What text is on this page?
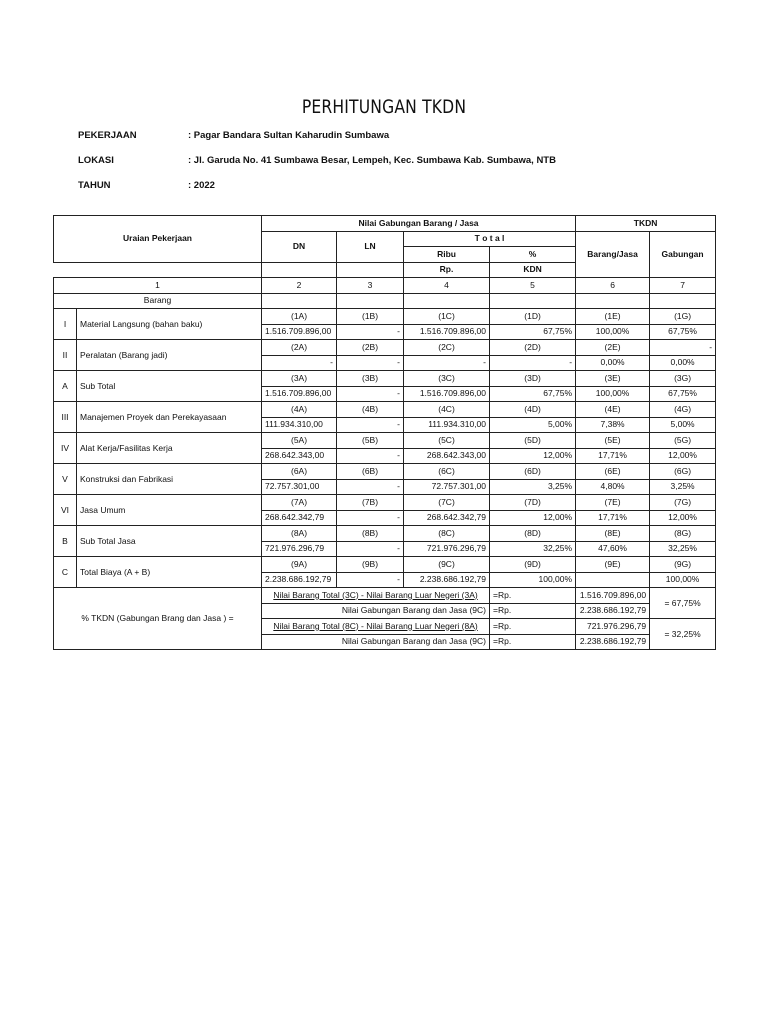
PERHITUNGAN TKDN
PEKERJAAN	: Pagar Bandara Sultan Kaharudin Sumbawa
LOKASI	: Jl. Garuda No. 41 Sumbawa Besar, Lempeh, Kec. Sumbawa Kab. Sumbawa, NTB
TAHUN	: 2022
Uraian Pekerjaan		Nilai Gabungan Barang / Jasa				TKDN	
		DN	LN	T o t a l		Barang/Jasa	Gabungan
				Ribu	%		
				Rp.	KDN		
1		2	3	4	5	6	7
Barang							
I	Material Langsung (bahan baku)	(1A)	(1B)	(1C)	(1D)	(1E)	(1G)
		1.516.709.896,00	-	1.516.709.896,00	67,75%	100,00%	67,75%
II	Peralatan (Barang jadi)	(2A)	(2B)	(2C)	(2D)	(2E)	-
		-	-	-	-	0,00%	0,00%
A	Sub Total	(3A)	(3B)	(3C)	(3D)	(3E)	(3G)
		1.516.709.896,00	-	1.516.709.896,00	67,75%	100,00%	67,75%
III	Manajemen Proyek dan Perekayasaan	(4A)	(4B)	(4C)	(4D)	(4E)	(4G)
		111.934.310,00	-	111.934.310,00	5,00%	7,38%	5,00%
IV	Alat Kerja/Fasilitas Kerja	(5A)	(5B)	(5C)	(5D)	(5E)	(5G)
		268.642.343,00	-	268.642.343,00	12,00%	17,71%	12,00%
V	Konstruksi dan Fabrikasi	(6A)	(6B)	(6C)	(6D)	(6E)	(6G)
		72.757.301,00	-	72.757.301,00	3,25%	4,80%	3,25%
VI	Jasa Umum	(7A)	(7B)	(7C)	(7D)	(7E)	(7G)
		268.642.342,79	-	268.642.342,79	12,00%	17,71%	12,00%
B	Sub Total Jasa	(8A)	(8B)	(8C)	(8D)	(8E)	(8G)
		721.976.296,79	-	721.976.296,79	32,25%	47,60%	32,25%
C	Total Biaya (A + B)	(9A)	(9B)	(9C)	(9D)	(9E)	(9G)
		2.238.686.192,79	-	2.238.686.192,79	100,00%		100,00%
% TKDN (Gabungan Brang dan Jasa ) =		Nilai Barang Total (3C) - Nilai Barang Luar Negeri (3A)			=Rp.	1.516.709.896,00	= 67,75%
		Nilai Gabungan Barang dan Jasa (9C)			=Rp.	2.238.686.192,79	
		Nilai Barang Total (8C) - Nilai Barang Luar Negeri (8A)			=Rp.	721.976.296,79	= 32,25%
		Nilai Gabungan Barang dan Jasa (9C)			=Rp.	2.238.686.192,79	
